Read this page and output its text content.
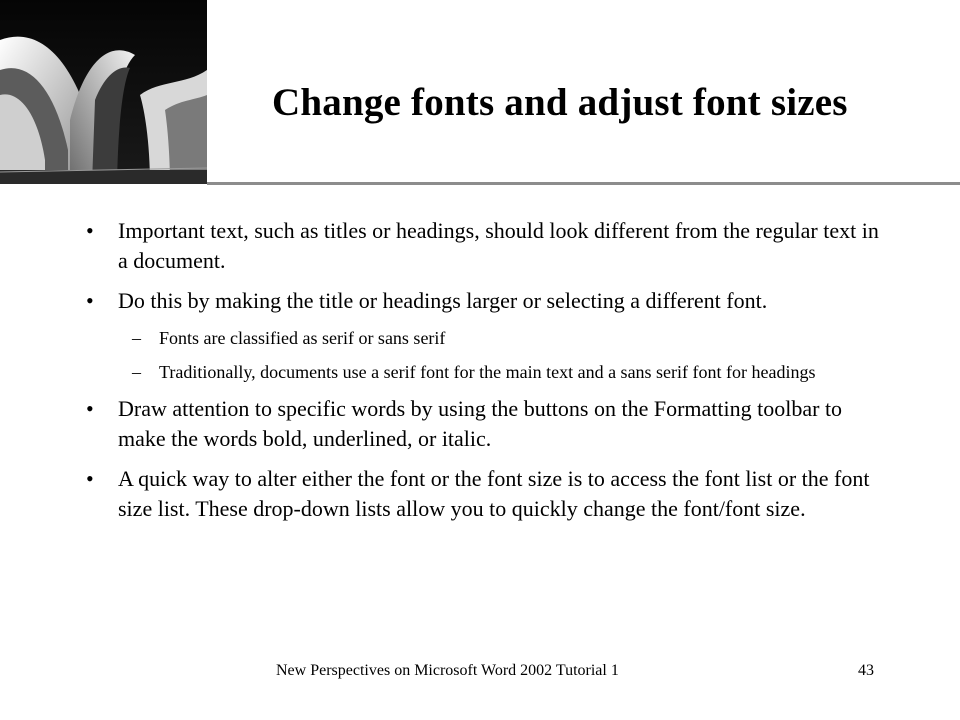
Change fonts and adjust font sizes
• Important text, such as titles or headings, should look different from the regular text in a document.
• Do this by making the title or headings larger or selecting a different font.
– Fonts are classified as serif or sans serif
– Traditionally, documents use a serif font for the main text and a sans serif font for headings
• Draw attention to specific words by using the buttons on the Formatting toolbar to make the words bold, underlined, or italic.
• A quick way to alter either the font or the font size is to access the font list or the font size list. These drop-down lists allow you to quickly change the font/font size.
New Perspectives on Microsoft Word 2002 Tutorial 1	43
